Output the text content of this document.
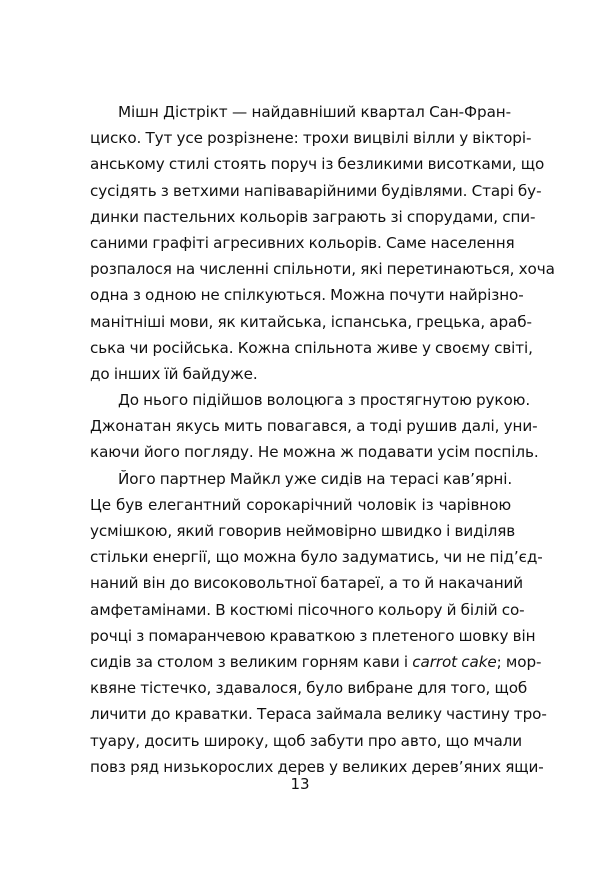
Мішн Дістрікт — найдавніший квартал Сан-Фран-
циско. Тут усе розрізнене: трохи вицвілі вілли у вікторі-
анському стилі стоять поруч із безликими висотками, що
сусідять з ветхими напіваварійними будівлями. Старі бу-
динки пастельних кольорів заграють зі спорудами, спи-
саними графіті агресивних кольорів. Саме населення
розпалося на численні спільноти, які перетинаються, хоча
одна з одною не спілкуються. Можна почути найрізно-
манітніші мови, як китайська, іспанська, грецька, араб-
ська чи російська. Кожна спільнота живе у своєму світі,
до інших їй байдуже.
До нього підійшов волоцюга з простягнутою рукою.
Джонатан якусь мить повагався, а тоді рушив далі, уни-
каючи його погляду. Не можна ж подавати усім поспіль.
Його партнер Майкл уже сидів на терасі кав’ярні.
Це був елегантний сорокарічний чоловік із чарівною
усмішкою, який говорив неймовірно швидко і виділяв
стільки енергії, що можна було задуматись, чи не під’єд-
наний він до високовольтної батареї, а то й накачаний
амфетамінами. В костюмі пісочного кольору й білій со-
рочці з помаранчевою краваткою з плетеного шовку він
сидів за столом з великим горням кави і carrot cake; мор-
квяне тістечко, здавалося, було вибране для того, щоб
личити до краватки. Тераса займала велику частину тро-
туару, досить широку, щоб забути про авто, що мчали
повз ряд низькорослих дерев у великих дерев’яних ящи-
13
